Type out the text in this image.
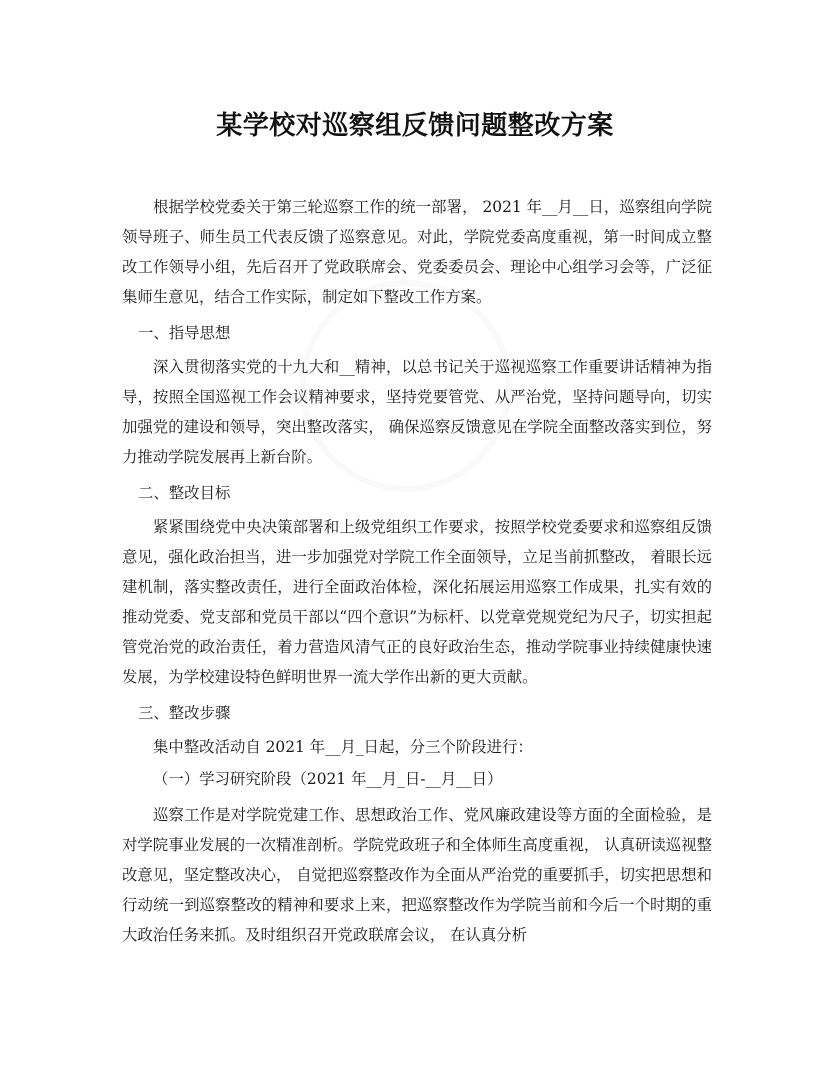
某学校对巡察组反馈问题整改方案

根据学校党委关于第三轮巡察工作的统一部署， 2021 年__月__日，巡察组向学院领导班子、师生员工代表反馈了巡察意见。对此，学院党委高度重视，第一时间成立整改工作领导小组，先后召开了党政联席会、党委委员会、理论中心组学习会等，广泛征集师生意见，结合工作实际，制定如下整改工作方案。

一、指导思想

深入贯彻落实党的十九大和__精神，以总书记关于巡视巡察工作重要讲话精神为指导，按照全国巡视工作会议精神要求，坚持党要管党、从严治党，坚持问题导向，切实加强党的建设和领导，突出整改落实， 确保巡察反馈意见在学院全面整改落实到位，努力推动学院发展再上新台阶。

二、整改目标

紧紧围绕党中央决策部署和上级党组织工作要求，按照学校党委要求和巡察组反馈意见，强化政治担当，进一步加强党对学院工作全面领导，立足当前抓整改， 着眼长远建机制，落实整改责任，进行全面政治体检，深化拓展运用巡察工作成果，扎实有效的推动党委、党支部和党员干部以“四个意识”为标杆、以党章党规党纪为尺子，切实担起管党治党的政治责任，着力营造风清气正的良好政治生态，推动学院事业持续健康快速发展，为学校建设特色鲜明世界一流大学作出新的更大贡献。

三、整改步骤

集中整改活动自 2021 年__月_日起，分三个阶段进行：

（一）学习研究阶段（2021 年__月_日-__月__日）

巡察工作是对学院党建工作、思想政治工作、党风廉政建设等方面的全面检验，是对学院事业发展的一次精准剖析。学院党政班子和全体师生高度重视， 认真研读巡视整改意见，坚定整改决心， 自觉把巡察整改作为全面从严治党的重要抓手，切实把思想和行动统一到巡察整改的精神和要求上来，把巡察整改作为学院当前和今后一个时期的重大政治任务来抓。及时组织召开党政联席会议， 在认真分析
